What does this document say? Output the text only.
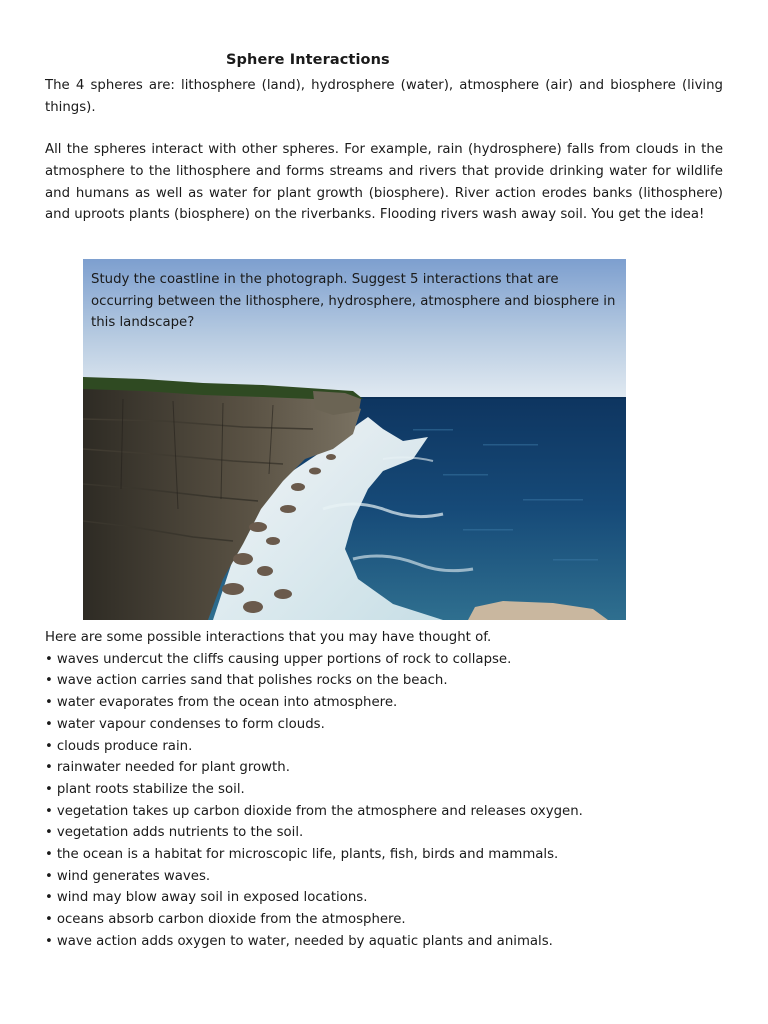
Sphere Interactions

The 4 spheres are: lithosphere (land), hydrosphere (water), atmosphere (air) and biosphere (living things).

All the spheres interact with other spheres. For example, rain (hydrosphere) falls from clouds in the atmosphere to the lithosphere and forms streams and rivers that provide drinking water for wildlife and humans as well as water for plant growth (biosphere). River action erodes banks (lithosphere) and uproots plants (biosphere) on the riverbanks. Flooding rivers wash away soil. You get the idea!

Study the coastline in the photograph. Suggest 5 interactions that are occurring between the lithosphere, hydrosphere, atmosphere and biosphere in this landscape?

Here are some possible interactions that you may have thought of.

• waves undercut the cliffs causing upper portions of rock to collapse.
• wave action carries sand that polishes rocks on the beach.
• water evaporates from the ocean into atmosphere.
• water vapour condenses to form clouds.
• clouds produce rain.
• rainwater needed for plant growth.
• plant roots stabilize the soil.
• vegetation takes up carbon dioxide from the atmosphere and releases oxygen.
• vegetation adds nutrients to the soil.
• the ocean is a habitat for microscopic life, plants, fish, birds and mammals.
• wind generates waves.
• wind may blow away soil in exposed locations.
• oceans absorb carbon dioxide from the atmosphere.
• wave action adds oxygen to water, needed by aquatic plants and animals.
